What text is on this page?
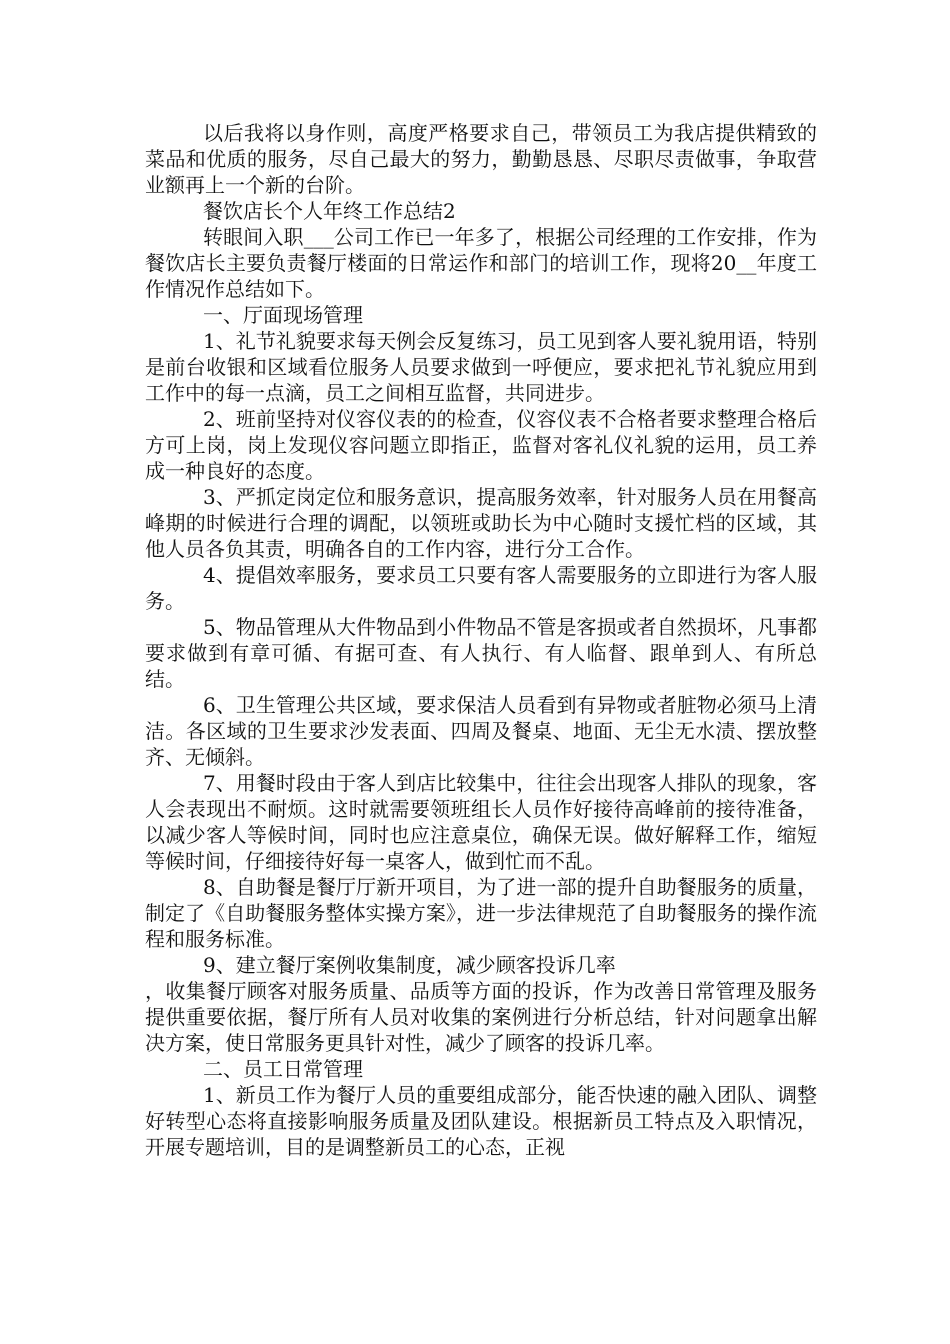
以后我将以身作则，高度严格要求自己，带领员工为我店提供精致的菜品和优质的服务，尽自己最大的努力，勤勤恳恳、尽职尽责做事，争取营业额再上一个新的台阶。

餐饮店长个人年终工作总结2

转眼间入职___公司工作已一年多了，根据公司经理的工作安排，作为餐饮店长主要负责餐厅楼面的日常运作和部门的培训工作，现将20__年度工作情况作总结如下。

一、厅面现场管理

1、礼节礼貌要求每天例会反复练习，员工见到客人要礼貌用语，特别是前台收银和区域看位服务人员要求做到一呼便应，要求把礼节礼貌应用到工作中的每一点滴，员工之间相互监督，共同进步。

2、班前坚持对仪容仪表的的检查，仪容仪表不合格者要求整理合格后方可上岗，岗上发现仪容问题立即指正，监督对客礼仪礼貌的运用，员工养成一种良好的态度。

3、严抓定岗定位和服务意识，提高服务效率，针对服务人员在用餐高峰期的时候进行合理的调配，以领班或助长为中心随时支援忙档的区域，其他人员各负其责，明确各自的工作内容，进行分工合作。

4、提倡效率服务，要求员工只要有客人需要服务的立即进行为客人服务。

5、物品管理从大件物品到小件物品不管是客损或者自然损坏，凡事都要求做到有章可循、有据可查、有人执行、有人临督、跟单到人、有所总结。

6、卫生管理公共区域，要求保洁人员看到有异物或者脏物必须马上清洁。各区域的卫生要求沙发表面、四周及餐桌、地面、无尘无水渍、摆放整齐、无倾斜。

7、用餐时段由于客人到店比较集中，往往会出现客人排队的现象，客人会表现出不耐烦。这时就需要领班组长人员作好接待高峰前的接待准备，以减少客人等候时间，同时也应注意桌位，确保无误。做好解释工作，缩短等候时间，仔细接待好每一桌客人，做到忙而不乱。

8、自助餐是餐厅厅新开项目，为了进一部的提升自助餐服务的质量，制定了《自助餐服务整体实操方案》，进一步法律规范了自助餐服务的操作流程和服务标准。

9、建立餐厅案例收集制度，减少顾客投诉几率

，收集餐厅顾客对服务质量、品质等方面的投诉，作为改善日常管理及服务提供重要依据，餐厅所有人员对收集的案例进行分析总结，针对问题拿出解决方案，使日常服务更具针对性，减少了顾客的投诉几率。

二、员工日常管理

1、新员工作为餐厅人员的重要组成部分，能否快速的融入团队、调整好转型心态将直接影响服务质量及团队建设。根据新员工特点及入职情况，开展专题培训，目的是调整新员工的心态，正视
